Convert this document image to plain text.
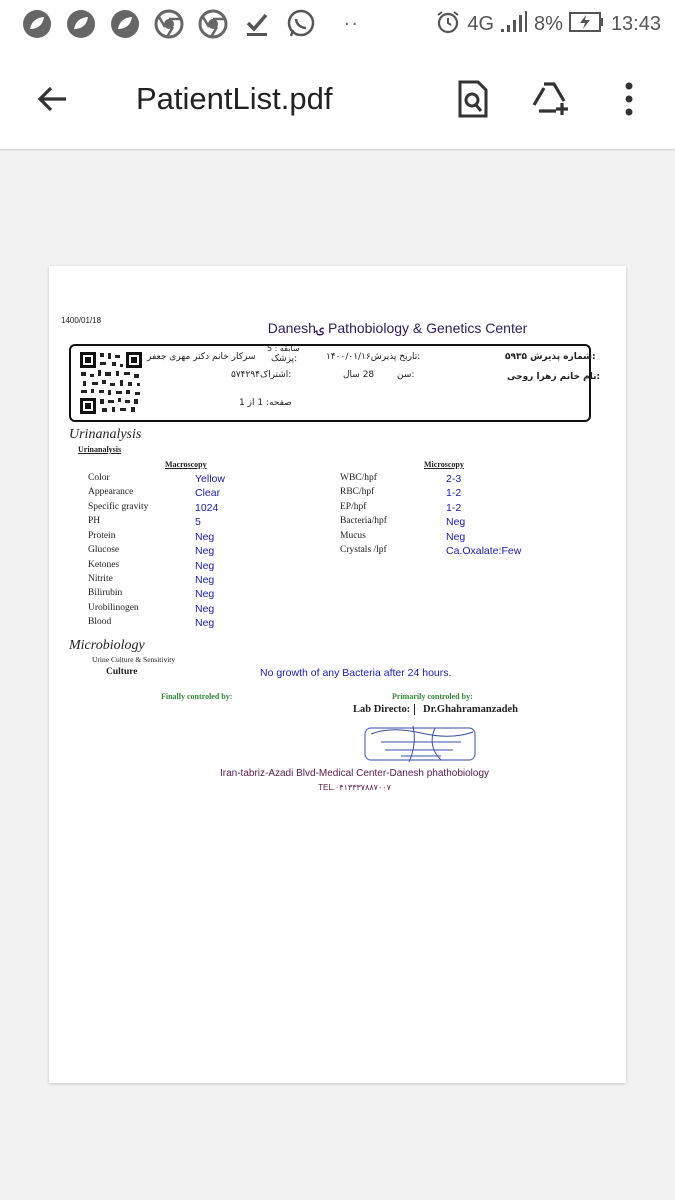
··	4G 8% 13:43
PatientList.pdf
1400/01/18	Daneshۍ Pathobiology & Genetics Center
سرکار خانم دکتر مهری جعفر
سابقه : 5
:پزشک	:تاریخ پذیرش۱۴۰۰/۰۱/۱۶	:شماره پذیرش ۵۹۳۵
:اشتراک۵۷۴۲۹۴	28 سال	:سن	:نام خانم زهرا روحی
صفحه: 1 از 1
Urinanalysis
Urinanalysis
Macroscopy	Microscopy
Color	Yellow
Appearance	Clear
Specific gravity	1024
PH	5
Protein	Neg
Glucose	Neg
Ketones	Neg
Nitrite	Neg
Bilirubin	Neg
Urobilinogen	Neg
Blood	Neg
WBC/hpf	2-3
RBC/hpf	1-2
EP/hpf	1-2
Bacteria/hpf	Neg
Mucus	Neg
Crystals /lpf	Ca.Oxalate:Few
Microbiology
Urine Culture & Sensitivity
Culture	No growth of any Bacteria after 24 hours.
Finally controled by:	Primarily controled by:
Lab Directo:	Dr.Ghahramanzadeh
Iran-tabriz-Azadi Blvd-Medical Center-Danesh phathobiology
TEL.۰۴۱۳۳۳۷۸۸۷۰۰۷
